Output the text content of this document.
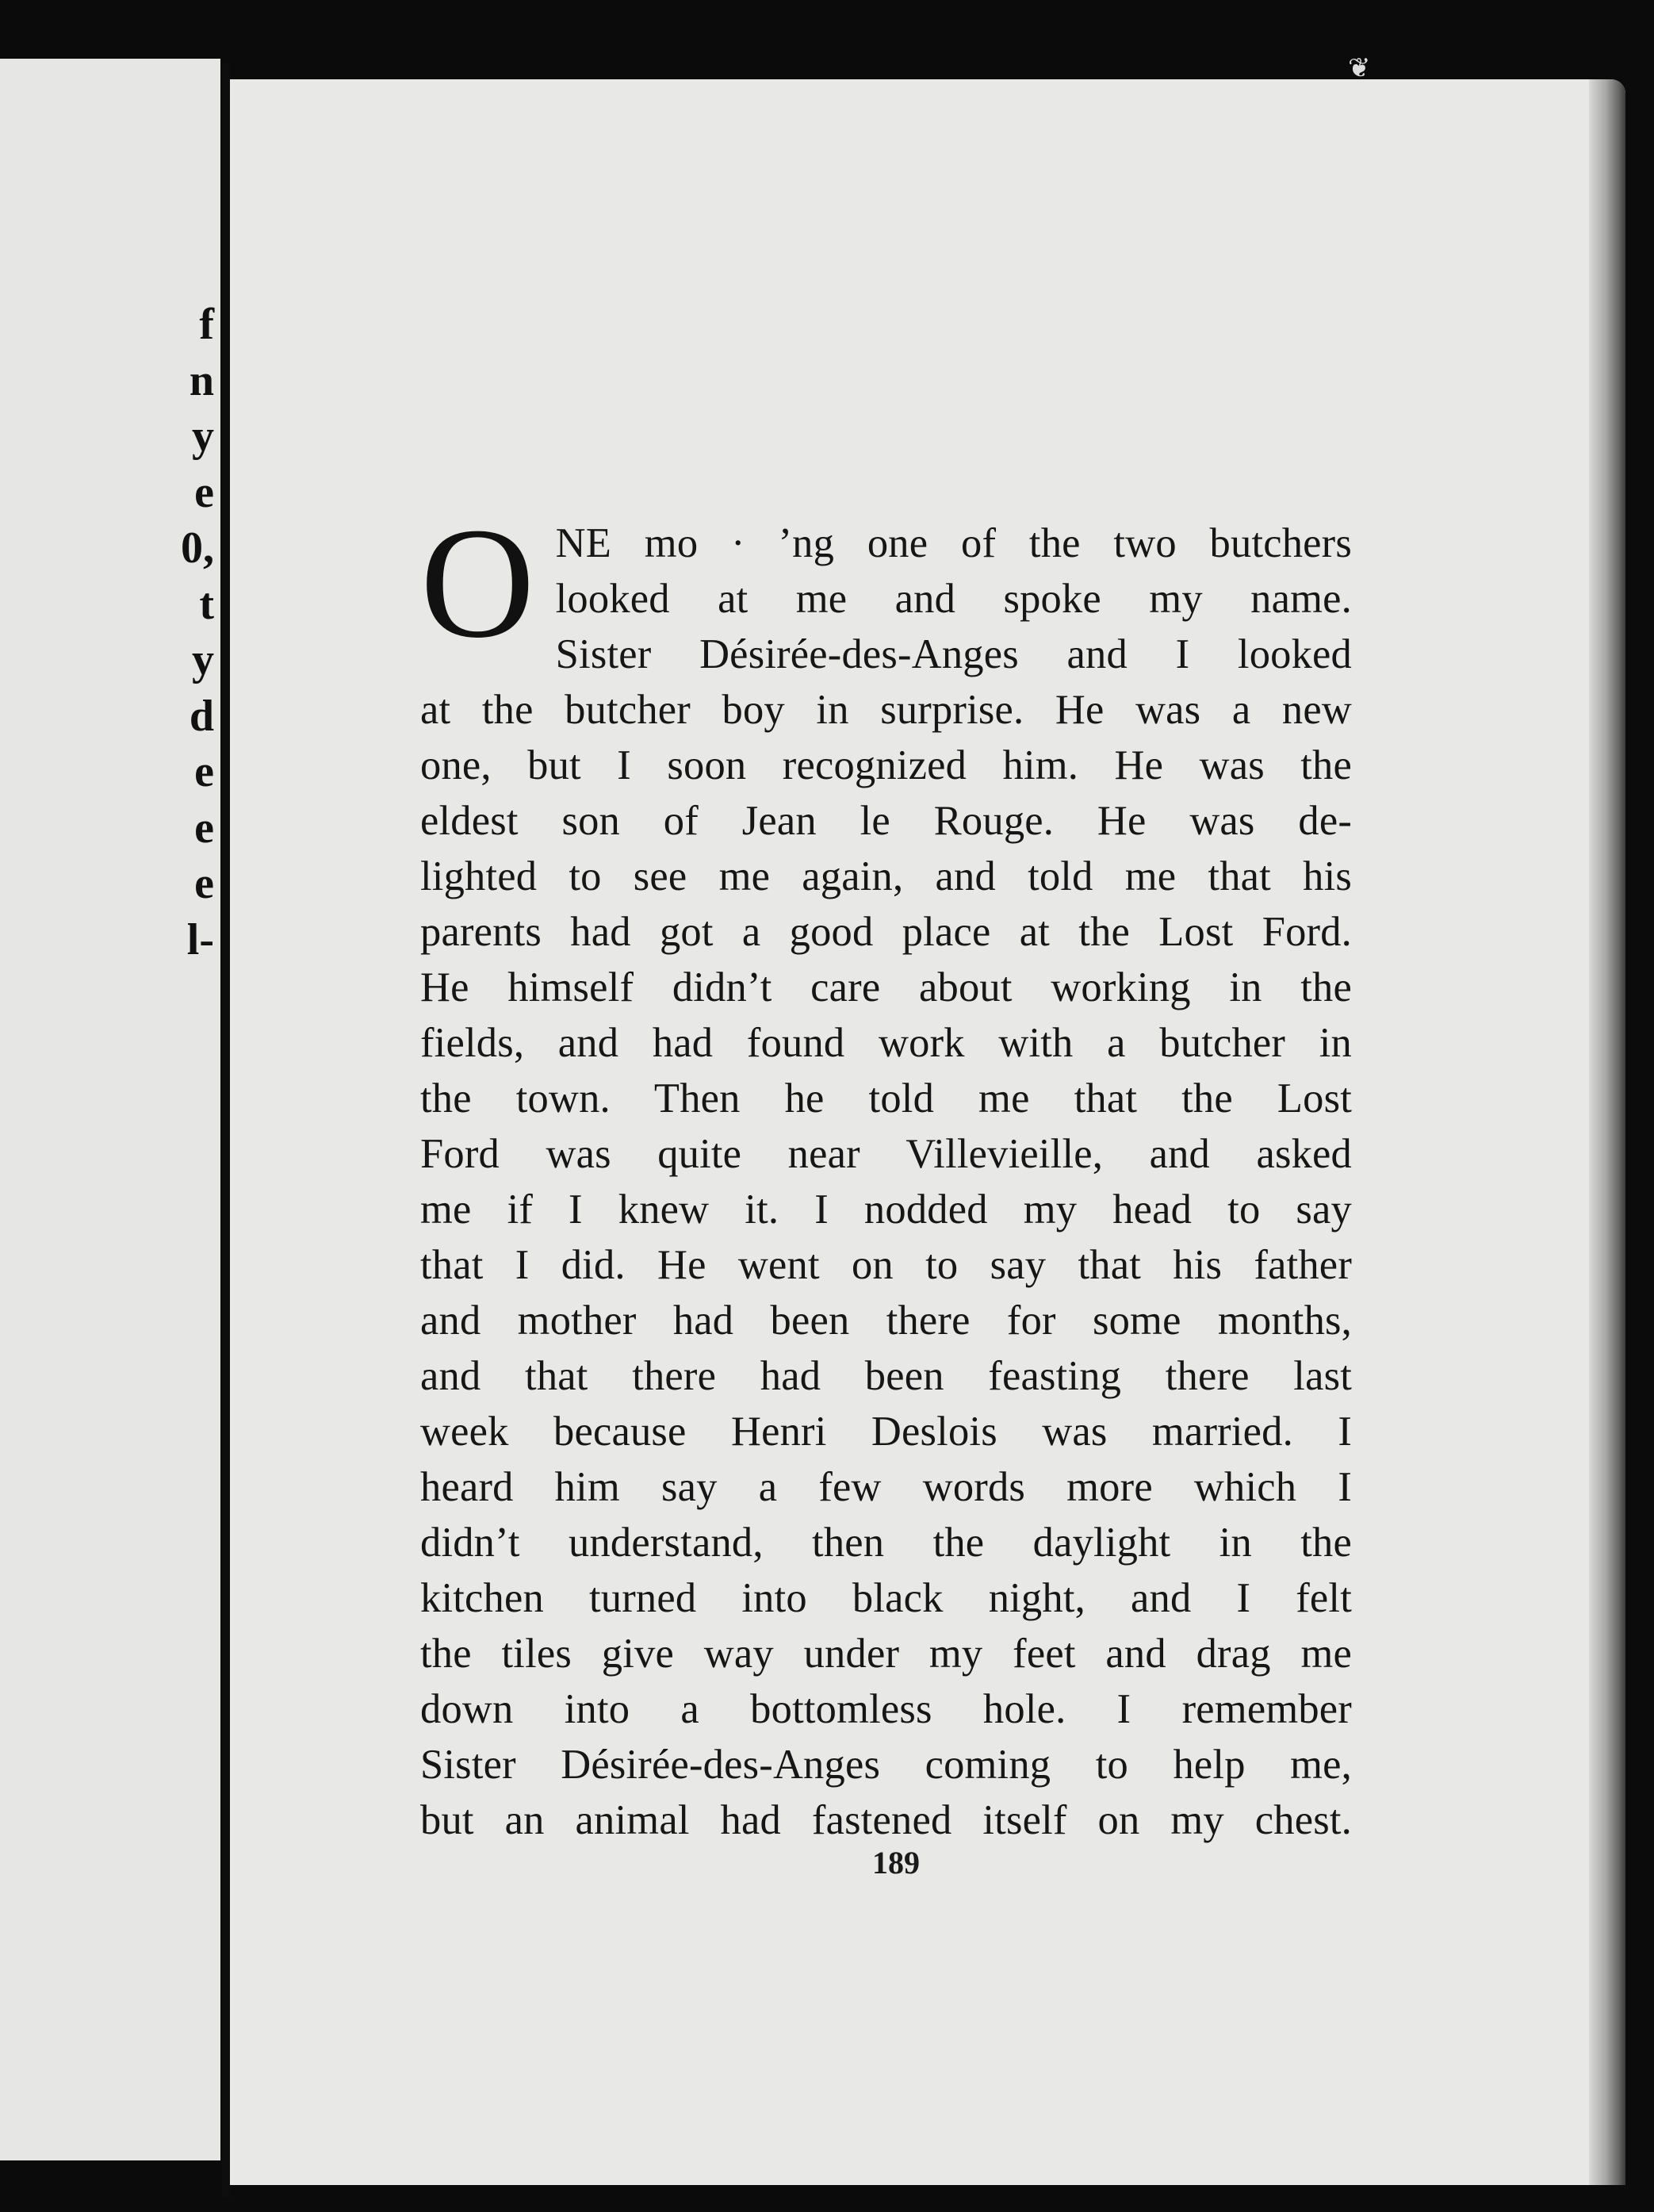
f
n
y
e
0,
t
y
d
e
e
e
l-
❦
O NE mo · ’ng one of the two butchers
looked at me and spoke my name.
Sister Désirée-des-Anges and I looked
at the butcher boy in surprise. He was a new
one, but I soon recognized him. He was the
eldest son of Jean le Rouge. He was de-
lighted to see me again, and told me that his
parents had got a good place at the Lost Ford.
He himself didn’t care about working in the
fields, and had found work with a butcher in
the town. Then he told me that the Lost
Ford was quite near Villevieille, and asked
me if I knew it. I nodded my head to say
that I did. He went on to say that his father
and mother had been there for some months,
and that there had been feasting there last
week because Henri Deslois was married. I
heard him say a few words more which I
didn’t understand, then the daylight in the
kitchen turned into black night, and I felt
the tiles give way under my feet and drag me
down into a bottomless hole. I remember
Sister Désirée-des-Anges coming to help me,
but an animal had fastened itself on my chest.
189
